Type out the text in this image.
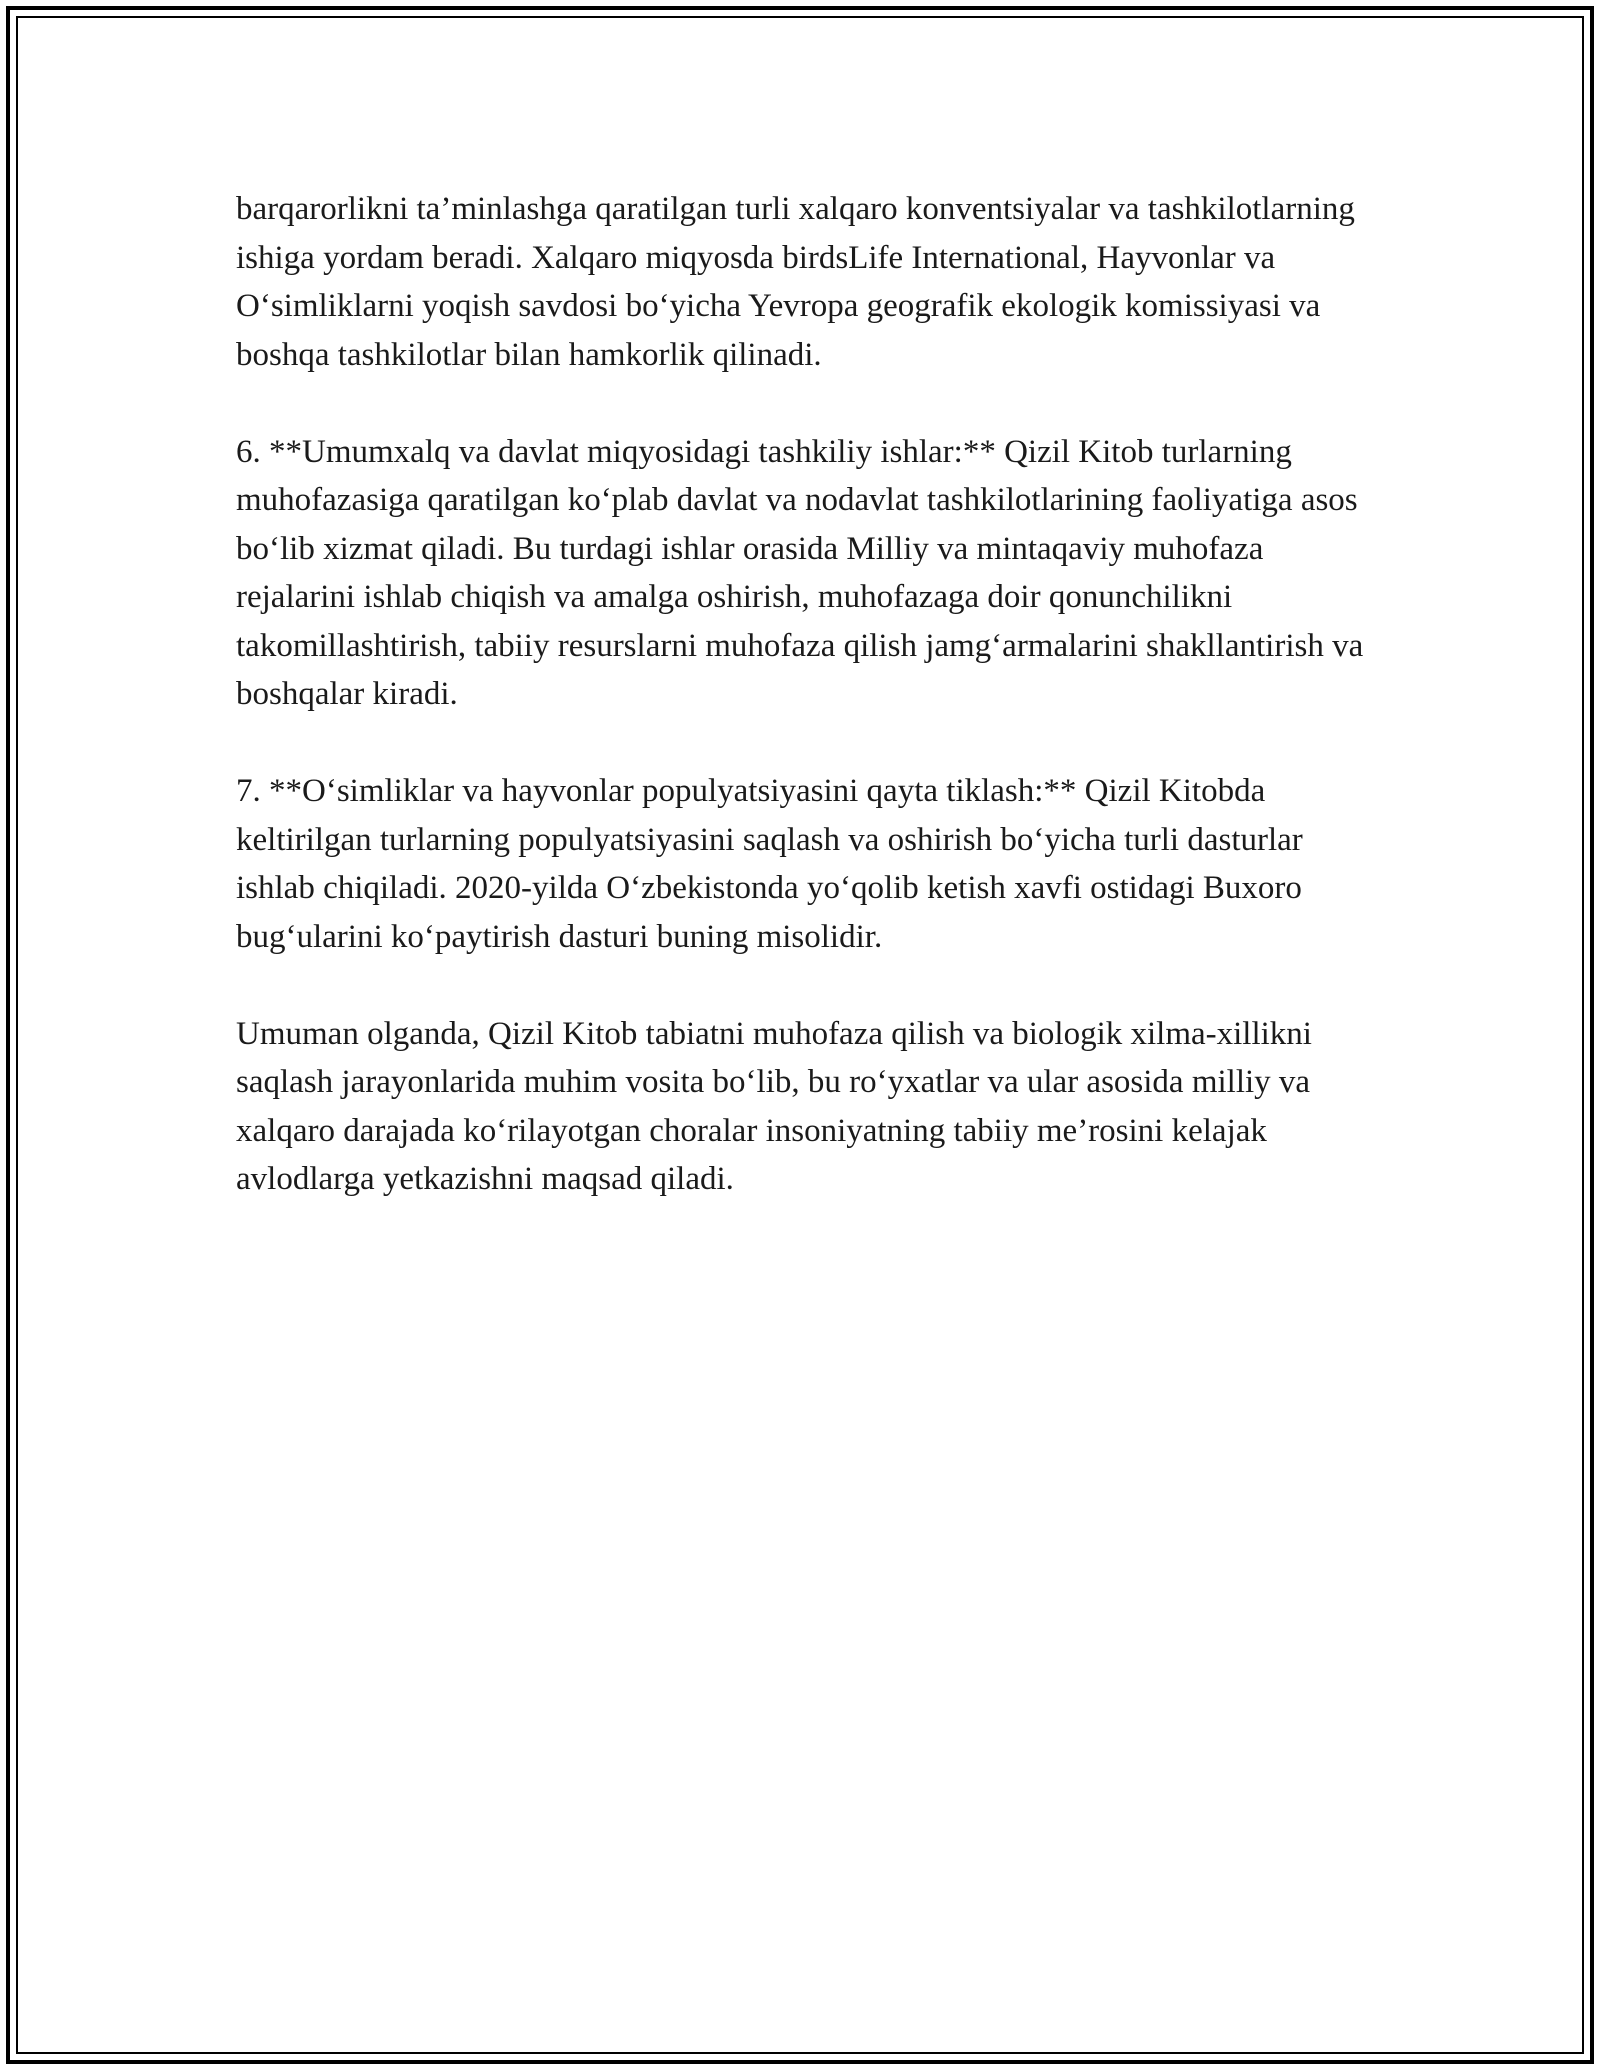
barqarorlikni ta’minlashga qaratilgan turli xalqaro konventsiyalar va tashkilotlarning ishiga yordam beradi. Xalqaro miqyosda birdsLife International, Hayvonlar va O‘simliklarni yoqish savdosi bo‘yicha Yevropa geografik ekologik komissiyasi va boshqa tashkilotlar bilan hamkorlik qilinadi.

6. **Umumxalq va davlat miqyosidagi tashkiliy ishlar:** Qizil Kitob turlarning muhofazasiga qaratilgan ko‘plab davlat va nodavlat tashkilotlarining faoliyatiga asos bo‘lib xizmat qiladi. Bu turdagi ishlar orasida Milliy va mintaqaviy muhofaza rejalarini ishlab chiqish va amalga oshirish, muhofazaga doir qonunchilikni takomillashtirish, tabiiy resurslarni muhofaza qilish jamg‘armalarini shakllantirish va boshqalar kiradi.

7. **O‘simliklar va hayvonlar populyatsiyasini qayta tiklash:** Qizil Kitobda keltirilgan turlarning populyatsiyasini saqlash va oshirish bo‘yicha turli dasturlar ishlab chiqiladi. 2020-yilda O‘zbekistonda yo‘qolib ketish xavfi ostidagi Buxoro bug‘ularini ko‘paytirish dasturi buning misolidir.

Umuman olganda, Qizil Kitob tabiatni muhofaza qilish va biologik xilma-xillikni saqlash jarayonlarida muhim vosita bo‘lib, bu ro‘yxatlar va ular asosida milliy va xalqaro darajada ko‘rilayotgan choralar insoniyatning tabiiy me’rosini kelajak avlodlarga yetkazishni maqsad qiladi.
